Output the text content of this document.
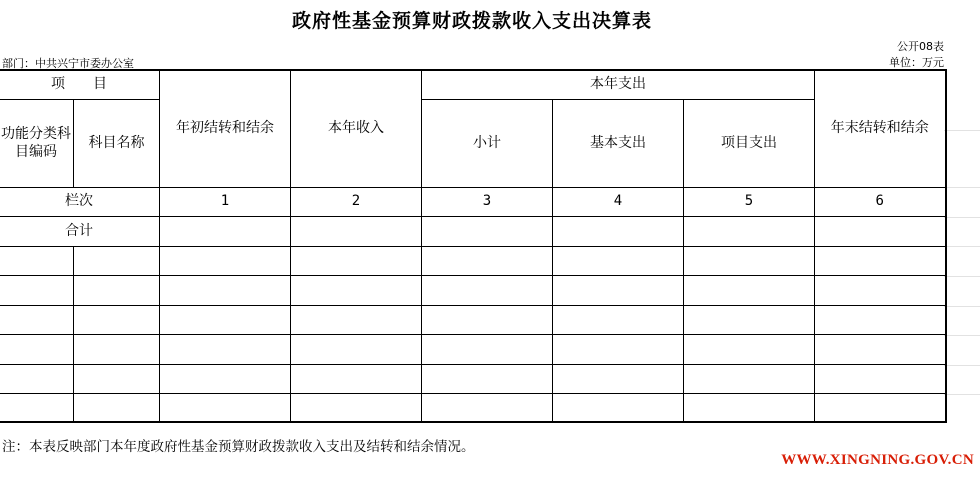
政府性基金预算财政拨款收入支出决算表
公开08表
单位：万元
部门：中共兴宁市委办公室
项　　目		年初结转和结余	本年收入	本年支出			年末结转和结余
功能分类科目编码	科目名称			小计	基本支出	项目支出	

栏次		1	2	3	4	5	6
合计							

注：本表反映部门本年度政府性基金预算财政拨款收入支出及结转和结余情况。
WWW.XINGNING.GOV.CN
